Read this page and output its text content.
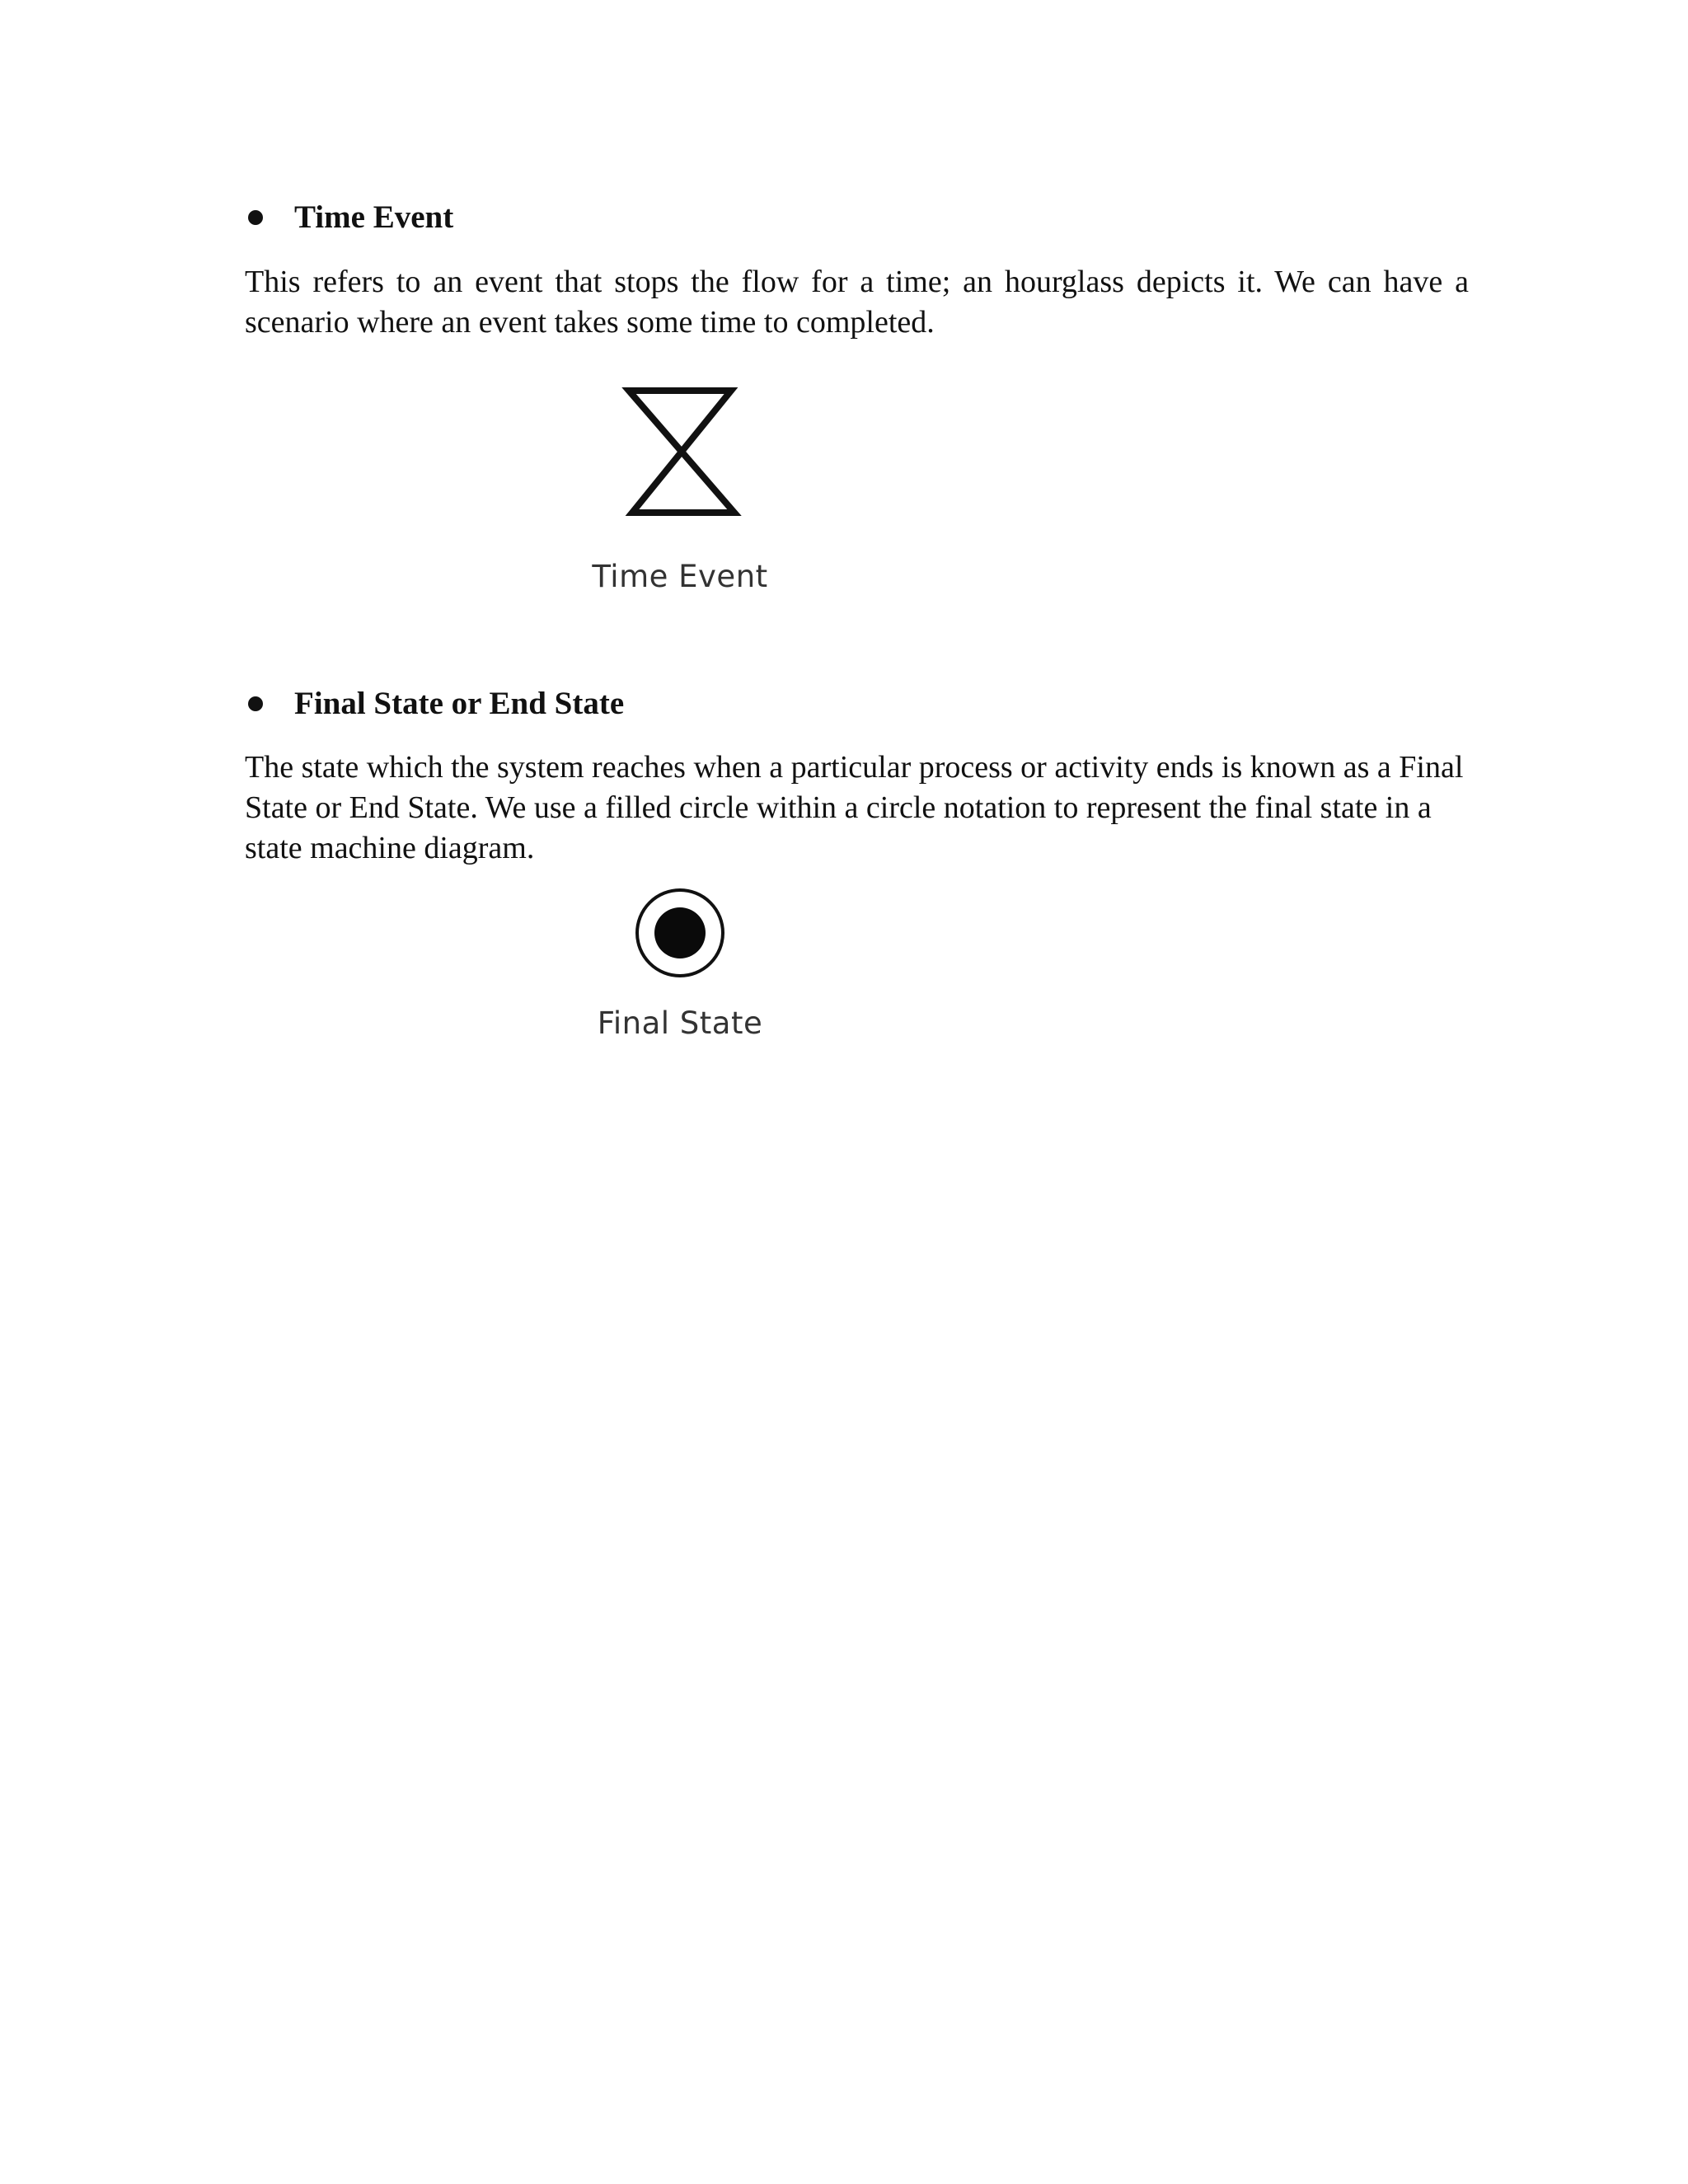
Time Event

This refers to an event that stops the flow for a time; an hourglass depicts it. We can have a scenario where an event takes some time to completed.

Time Event
Final State or End State

The state which the system reaches when a particular process or activity ends is known as a Final State or End State. We use a filled circle within a circle notation to represent the final state in a state machine diagram.

Final State
